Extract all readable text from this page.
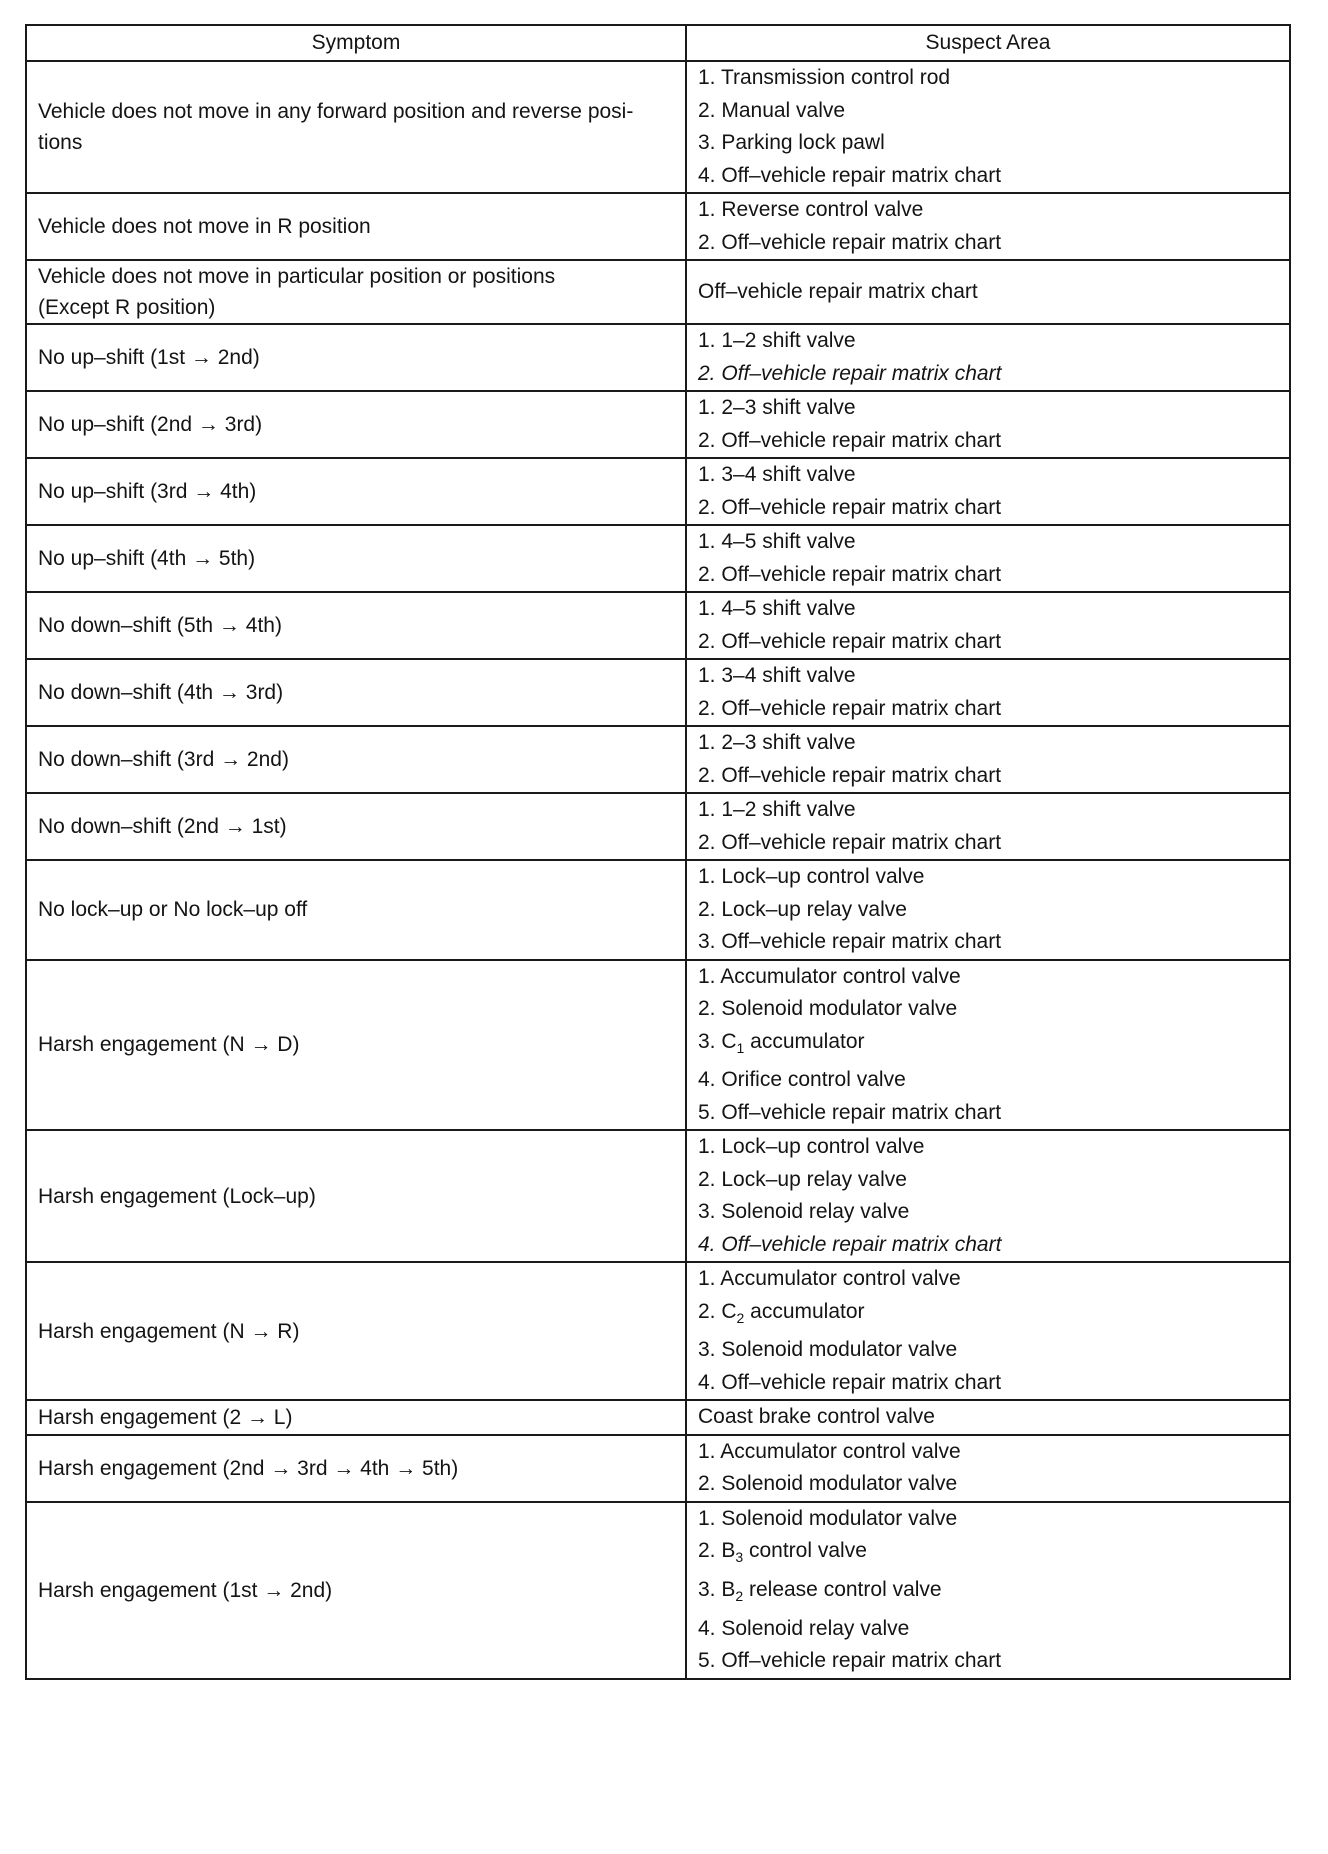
Symptom	Suspect Area
Vehicle does not move in any forward position and reverse posi-
tions	1. Transmission control rod
2. Manual valve
3. Parking lock pawl
4. Off–vehicle repair matrix chart

Vehicle does not move in R position	1. Reverse control valve
2. Off–vehicle repair matrix chart

Vehicle does not move in particular position or positions
(Except R position)	Off–vehicle repair matrix chart

No up–shift (1st → 2nd)	1. 1–2 shift valve
2. Off–vehicle repair matrix chart

No up–shift (2nd → 3rd)	1. 2–3 shift valve
2. Off–vehicle repair matrix chart

No up–shift (3rd → 4th)	1. 3–4 shift valve
2. Off–vehicle repair matrix chart

No up–shift (4th → 5th)	1. 4–5 shift valve
2. Off–vehicle repair matrix chart

No down–shift (5th → 4th)	1. 4–5 shift valve
2. Off–vehicle repair matrix chart

No down–shift (4th → 3rd)	1. 3–4 shift valve
2. Off–vehicle repair matrix chart

No down–shift (3rd → 2nd)	1. 2–3 shift valve
2. Off–vehicle repair matrix chart

No down–shift (2nd → 1st)	1. 1–2 shift valve
2. Off–vehicle repair matrix chart

No lock–up or No lock–up off	1. Lock–up control valve
2. Lock–up relay valve
3. Off–vehicle repair matrix chart

Harsh engagement (N → D)	1. Accumulator control valve
2. Solenoid modulator valve
3. $C_1$ accumulator
4. Orifice control valve
5. Off–vehicle repair matrix chart

Harsh engagement (Lock–up)	1. Lock–up control valve
2. Lock–up relay valve
3. Solenoid relay valve
4. Off–vehicle repair matrix chart

Harsh engagement (N → R)	1. Accumulator control valve
2. $C_2$ accumulator
3. Solenoid modulator valve
4. Off–vehicle repair matrix chart

Harsh engagement (2 → L)	Coast brake control valve

Harsh engagement (2nd → 3rd → 4th → 5th)	1. Accumulator control valve
2. Solenoid modulator valve

Harsh engagement (1st → 2nd)	1. Solenoid modulator valve
2. $B_3$ control valve
3. $B_2$ release control valve
4. Solenoid relay valve
5. Off–vehicle repair matrix chart
